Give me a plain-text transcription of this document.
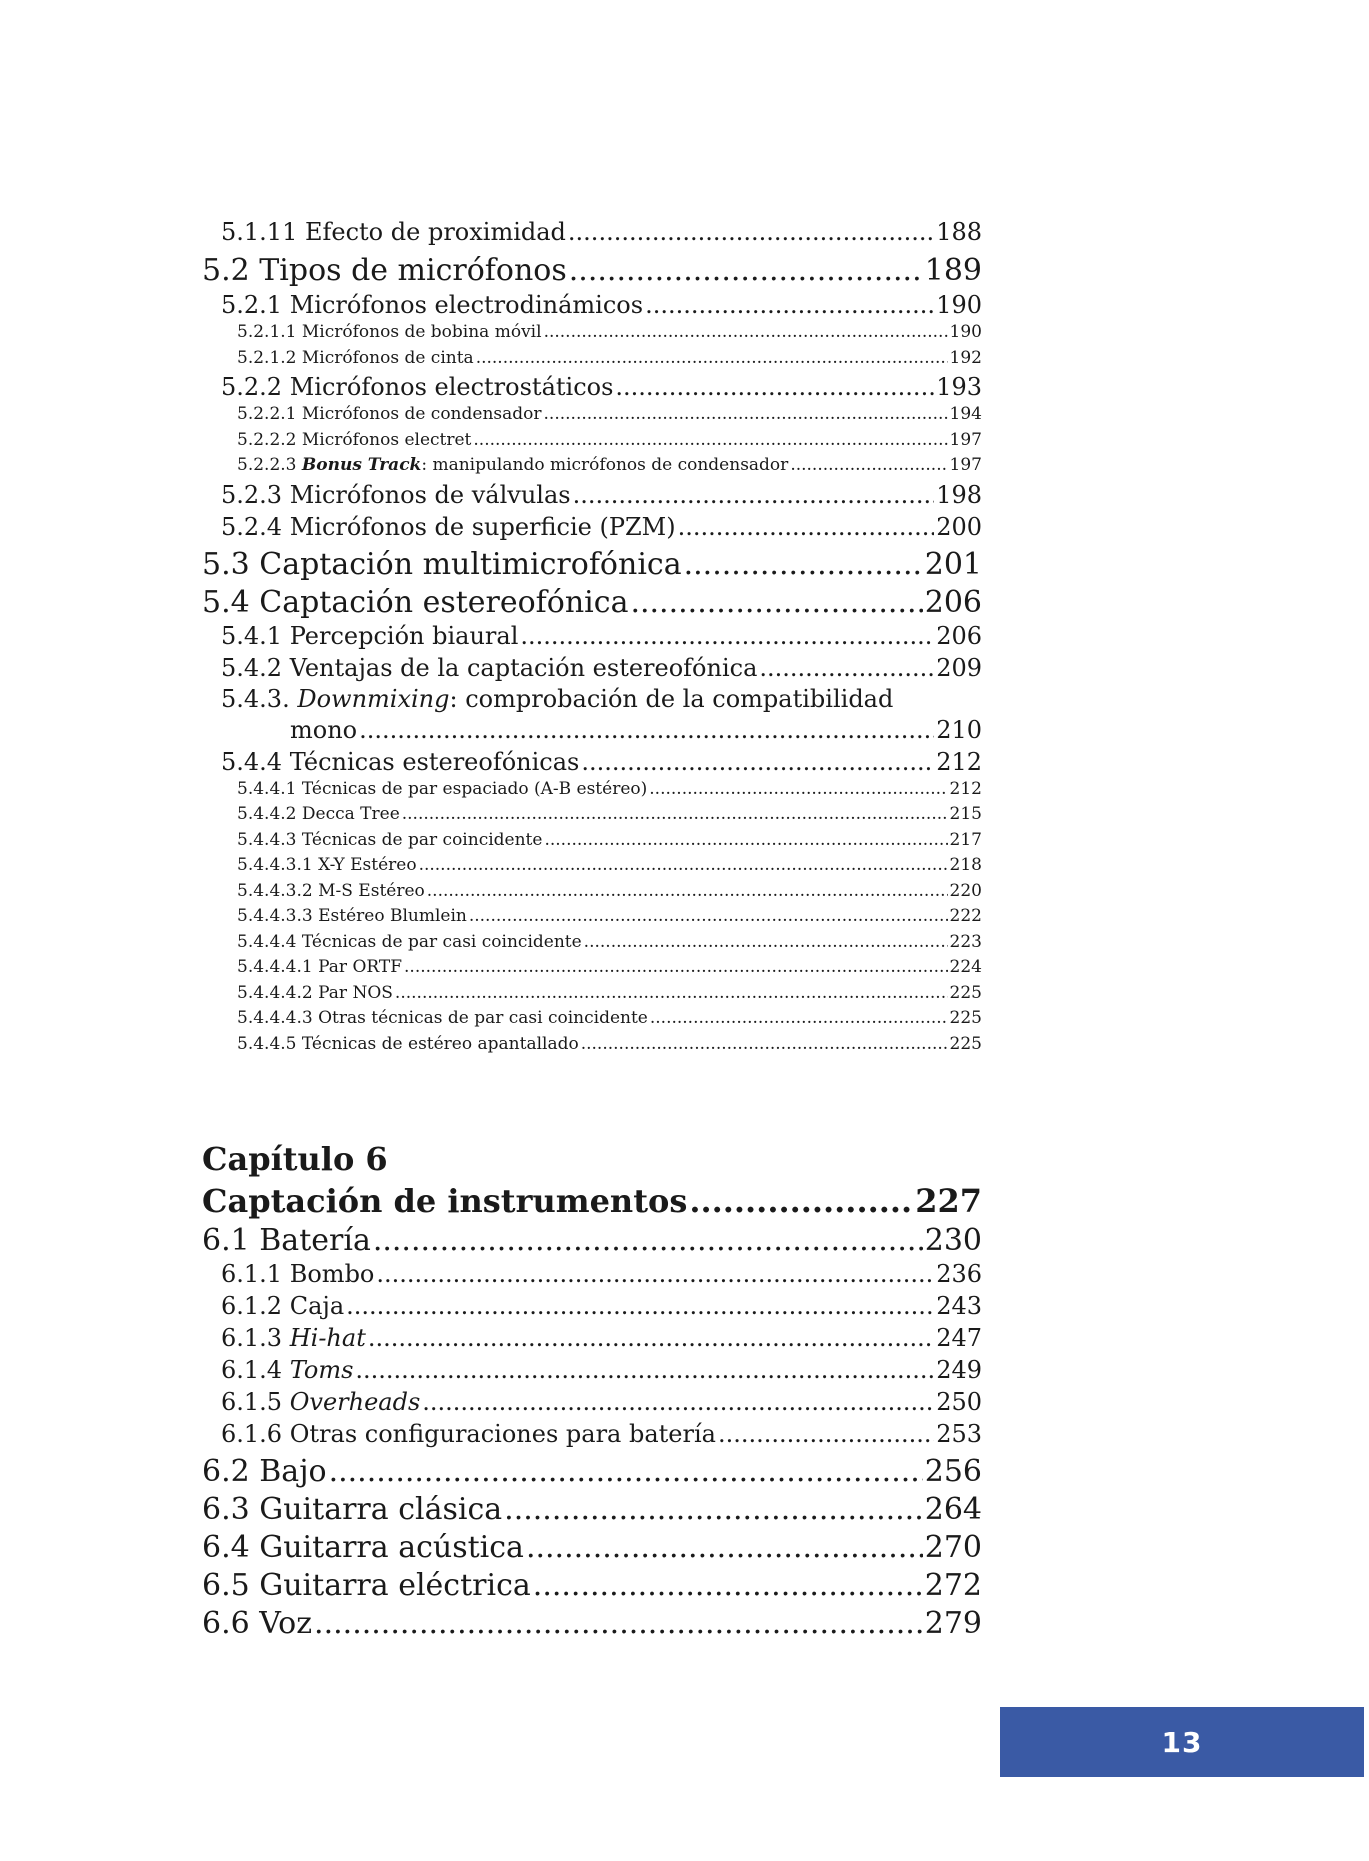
5.1.11 Efecto de proximidad .....	188
5.2 Tipos de micrófonos .....	189
5.2.1 Micrófonos electrodinámicos .....	190
5.2.1.1 Micrófonos de bobina móvil .....	190
5.2.1.2 Micrófonos de cinta .....	192
5.2.2 Micrófonos electrostáticos .....	193
5.2.2.1 Micrófonos de condensador .....	194
5.2.2.2 Micrófonos electret .....	197
5.2.2.3 Bonus Track: manipulando micrófonos de condensador .....	197
5.2.3 Micrófonos de válvulas .....	198
5.2.4 Micrófonos de superficie (PZM) .....	200
5.3 Captación multimicrofónica .....	201
5.4 Captación estereofónica .....	206
5.4.1 Percepción biaural .....	206
5.4.2 Ventajas de la captación estereofónica .....	209
5.4.3. Downmixing: comprobación de la compatibilidad
mono .....	210
5.4.4 Técnicas estereofónicas .....	212
5.4.4.1 Técnicas de par espaciado (A-B estéreo) .....	212
5.4.4.2 Decca Tree .....	215
5.4.4.3 Técnicas de par coincidente .....	217
5.4.4.3.1 X-Y Estéreo .....	218
5.4.4.3.2 M-S Estéreo .....	220
5.4.4.3.3 Estéreo Blumlein .....	222
5.4.4.4 Técnicas de par casi coincidente .....	223
5.4.4.4.1 Par ORTF .....	224
5.4.4.4.2 Par NOS .....	225
5.4.4.4.3 Otras técnicas de par casi coincidente .....	225
5.4.4.5 Técnicas de estéreo apantallado .....	225
Capítulo 6
Captación de instrumentos .....	227
6.1 Batería .....	230
6.1.1 Bombo .....	236
6.1.2 Caja .....	243
6.1.3 Hi-hat .....	247
6.1.4 Toms .....	249
6.1.5 Overheads .....	250
6.1.6 Otras configuraciones para batería .....	253
6.2 Bajo .....	256
6.3 Guitarra clásica .....	264
6.4 Guitarra acústica .....	270
6.5 Guitarra eléctrica .....	272
6.6 Voz .....	279
13
